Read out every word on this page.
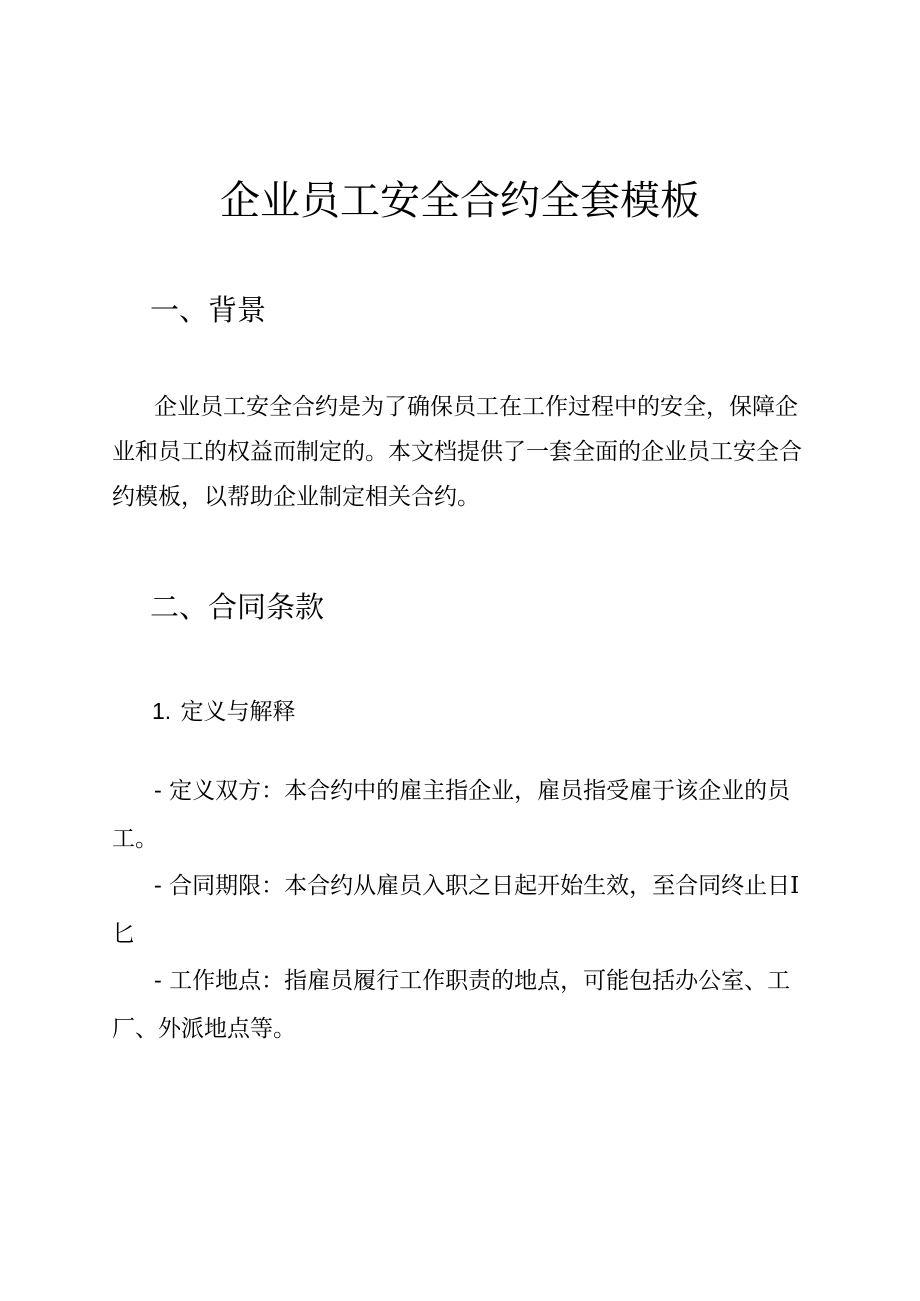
企业员工安全合约全套模板
一、背景
企业员工安全合约是为了确保员工在工作过程中的安全，保障企
业和员工的权益而制定的。本文档提供了一套全面的企业员工安全合
约模板，以帮助企业制定相关合约。
二、合同条款
1. 定义与解释
- 定义双方：本合约中的雇主指企业，雇员指受雇于该企业的员
工。
- 合同期限：本合约从雇员入职之日起开始生效，至合同终止日I
匕
- 工作地点：指雇员履行工作职责的地点，可能包括办公室、工
厂、外派地点等。
